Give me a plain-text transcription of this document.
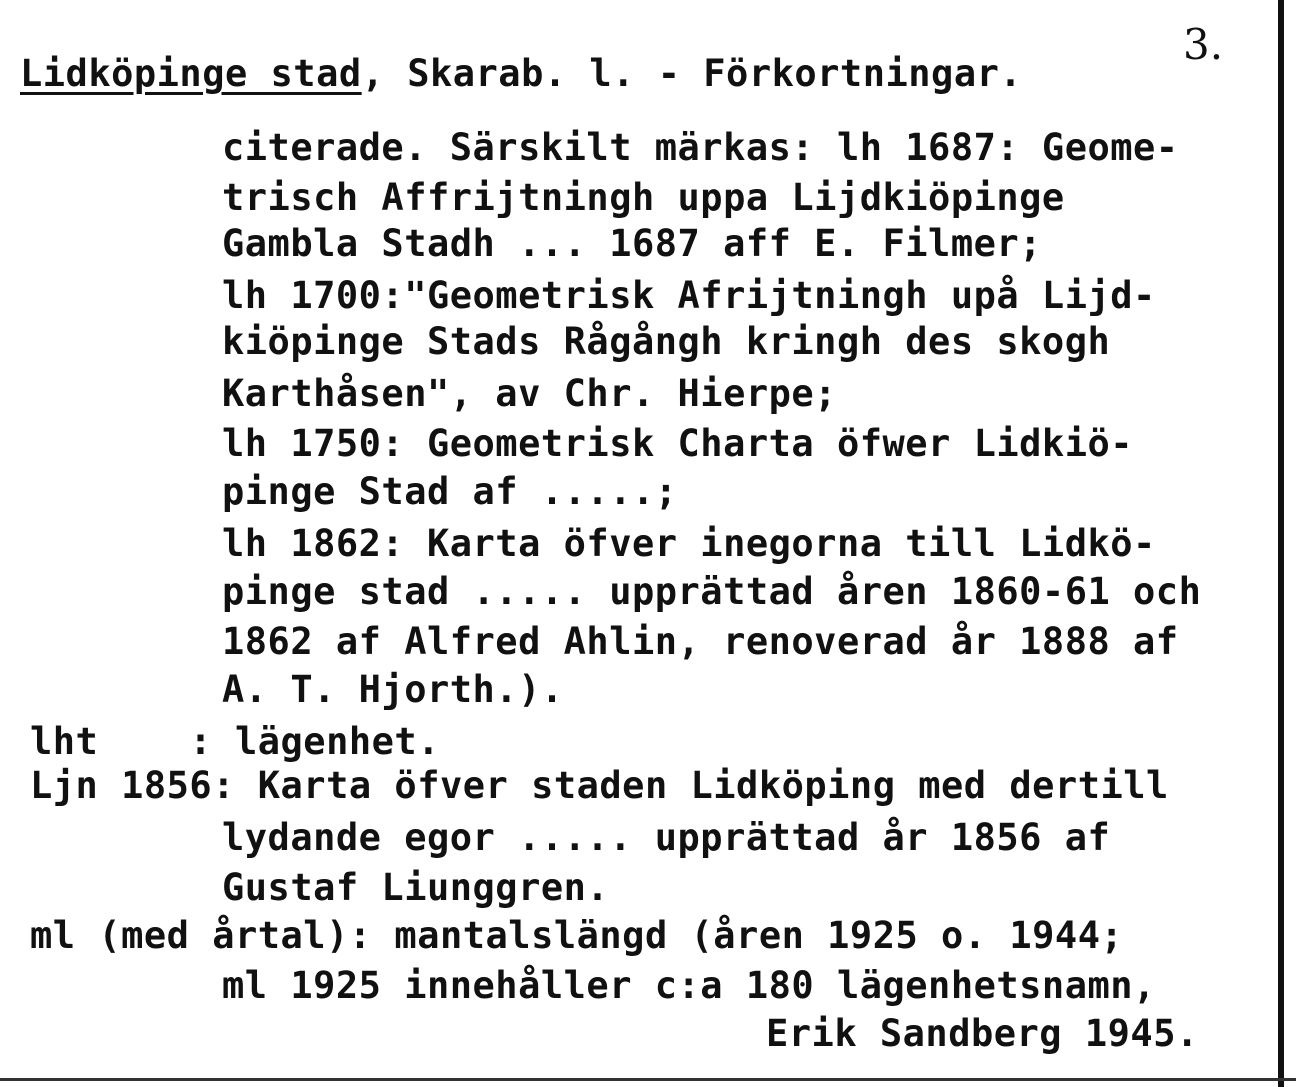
3.
Lidköpinge stad, Skarab. l. - Förkortningar.
citerade. Särskilt märkas: lh 1687: Geome-
trisch Affrijtningh uppa Lijdkiöpinge
Gambla Stadh ... 1687 aff E. Filmer;
lh 1700:"Geometrisk Afrijtningh upå Lijd-
kiöpinge Stads Rågångh kringh des skogh
Karthåsen", av Chr. Hierpe;
lh 1750: Geometrisk Charta öfwer Lidkiö-
pinge Stad af .....;
lh 1862: Karta öfver inegorna till Lidkö-
pinge stad ..... upprättad åren 1860-61 och
1862 af Alfred Ahlin, renoverad år 1888 af
A. T. Hjorth.).
lht    : lägenhet.
Ljn 1856: Karta öfver staden Lidköping med dertill
lydande egor ..... upprättad år 1856 af
Gustaf Liunggren.
ml (med årtal): mantalslängd (åren 1925 o. 1944;
ml 1925 innehåller c:a 180 lägenhetsnamn,
Erik Sandberg 1945.
